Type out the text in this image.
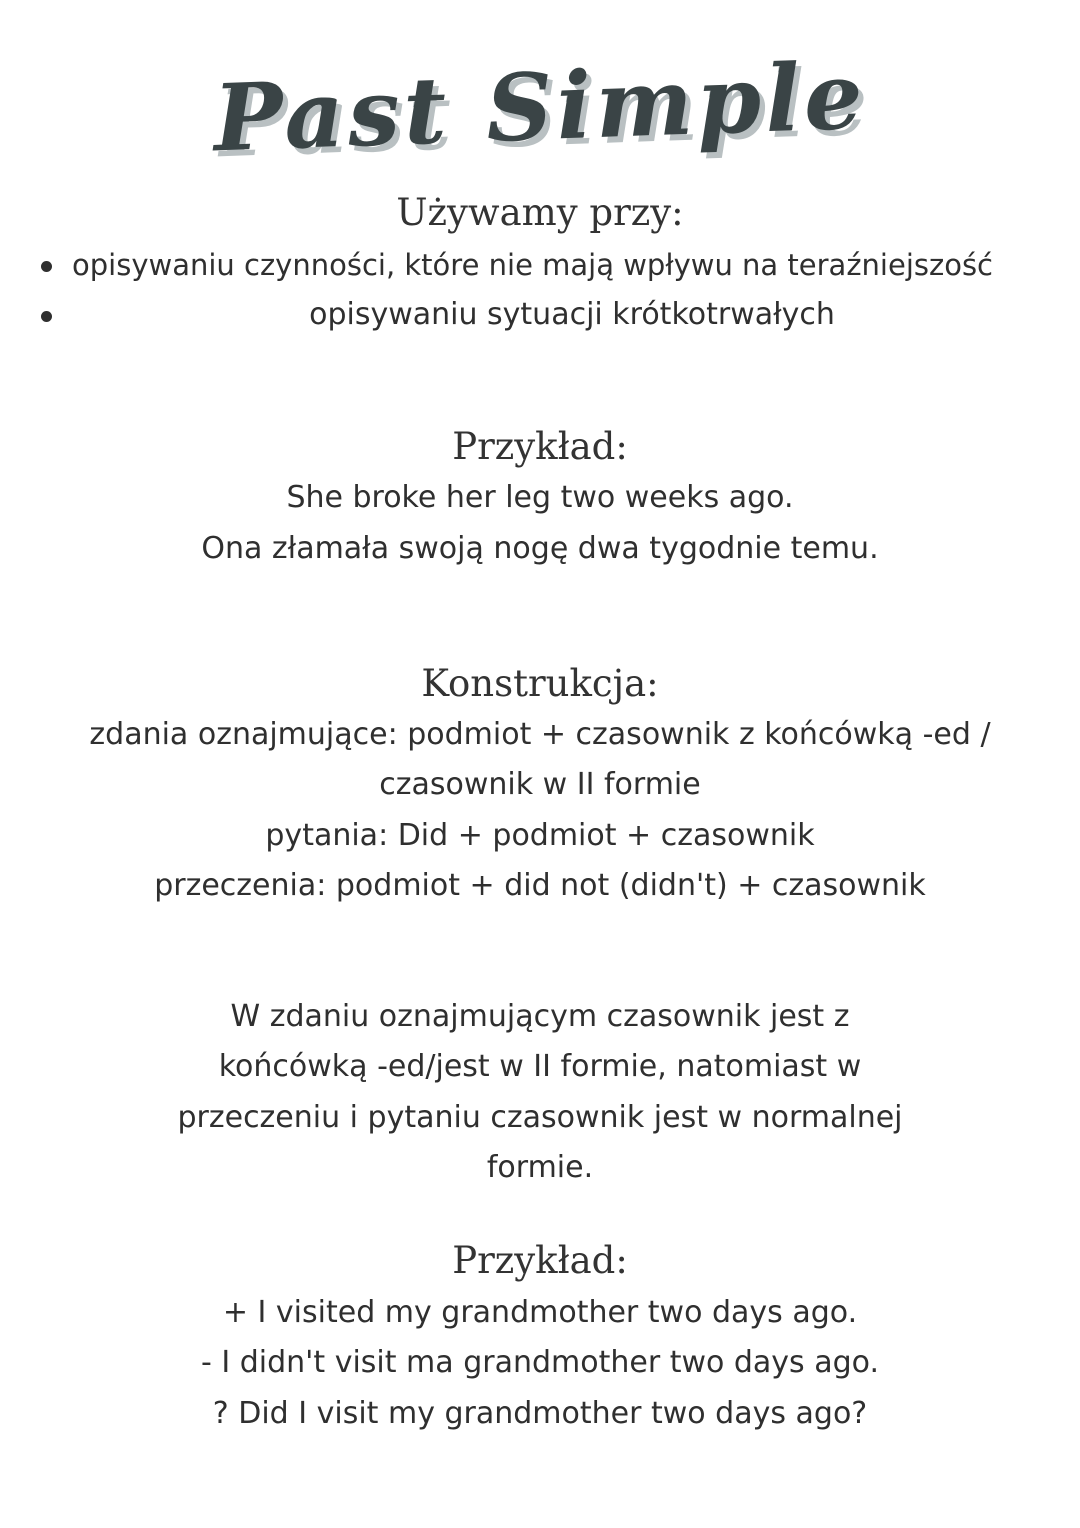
Past Simple
Używamy przy:
opisywaniu czynności, które nie mają wpływu na teraźniejszość
opisywaniu sytuacji krótkotrwałych
Przykład:
She broke her leg two weeks ago.
Ona złamała swoją nogę dwa tygodnie temu.
Konstrukcja:
zdania oznajmujące: podmiot + czasownik z końcówką -ed /
czasownik w II formie
pytania: Did + podmiot + czasownik
przeczenia: podmiot + did not (didn't) + czasownik
W zdaniu oznajmującym czasownik jest z
końcówką -ed/jest w II formie, natomiast w
przeczeniu i pytaniu czasownik jest w normalnej
formie.
Przykład:
+ I visited my grandmother two days ago.
- I didn't visit ma grandmother two days ago.
? Did I visit my grandmother two days ago?
